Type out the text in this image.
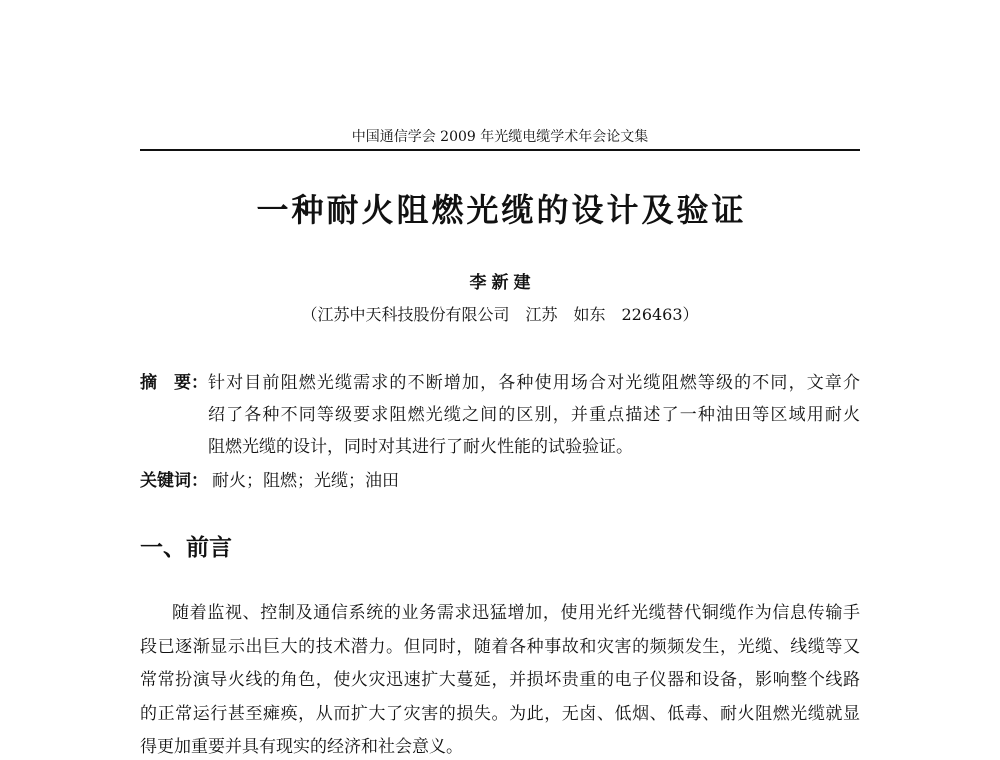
中国通信学会 2009 年光缆电缆学术年会论文集
一种耐火阻燃光缆的设计及验证
李新建
（江苏中天科技股份有限公司　江苏　如东　226463）
摘　要： 针对目前阻燃光缆需求的不断增加，各种使用场合对光缆阻燃等级的不同，文章介
绍了各种不同等级要求阻燃光缆之间的区别，并重点描述了一种油田等区域用耐火
阻燃光缆的设计，同时对其进行了耐火性能的试验验证。
关键词： 耐火；阻燃；光缆；油田
一、前言
随着监视、控制及通信系统的业务需求迅猛增加，使用光纤光缆替代铜缆作为信息传输手
段已逐渐显示出巨大的技术潜力。但同时，随着各种事故和灾害的频频发生，光缆、线缆等又
常常扮演导火线的角色，使火灾迅速扩大蔓延，并损坏贵重的电子仪器和设备，影响整个线路
的正常运行甚至瘫痪，从而扩大了灾害的损失。为此，无卤、低烟、低毒、耐火阻燃光缆就显
得更加重要并具有现实的经济和社会意义。
